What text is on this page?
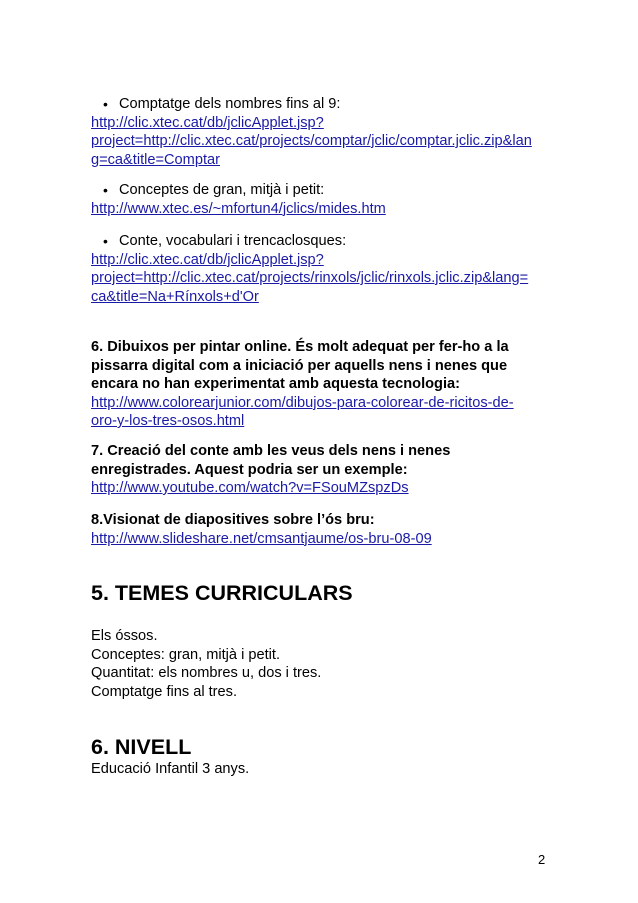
• Comptatge dels nombres fins al 9:
http://clic.xtec.cat/db/jclicApplet.jsp?
project=http://clic.xtec.cat/projects/comptar/jclic/comptar.jclic.zip&lan
g=ca&title=Comptar
• Conceptes de gran, mitjà i petit:
http://www.xtec.es/~mfortun4/jclics/mides.htm
• Conte, vocabulari i trencaclosques:
http://clic.xtec.cat/db/jclicApplet.jsp?
project=http://clic.xtec.cat/projects/rinxols/jclic/rinxols.jclic.zip&lang=
ca&title=Na+Rínxols+d'Or
6. Dibuixos per pintar online. És molt adequat per fer-ho a la
pissarra digital com a iniciació per aquells nens i nenes que
encara no han experimentat amb aquesta tecnologia:
http://www.colorearjunior.com/dibujos-para-colorear-de-ricitos-de-
oro-y-los-tres-osos.html
7. Creació del conte amb les veus dels nens i nenes
enregistrades. Aquest podria ser un exemple:
http://www.youtube.com/watch?v=FSouMZspzDs
8.Visionat de diapositives sobre l’ós bru:
http://www.slideshare.net/cmsantjaume/os-bru-08-09
5. TEMES CURRICULARS
Els óssos.
Conceptes: gran, mitjà i petit.
Quantitat: els nombres u, dos i tres.
Comptatge fins al tres.
6. NIVELL
Educació Infantil 3 anys.
2
